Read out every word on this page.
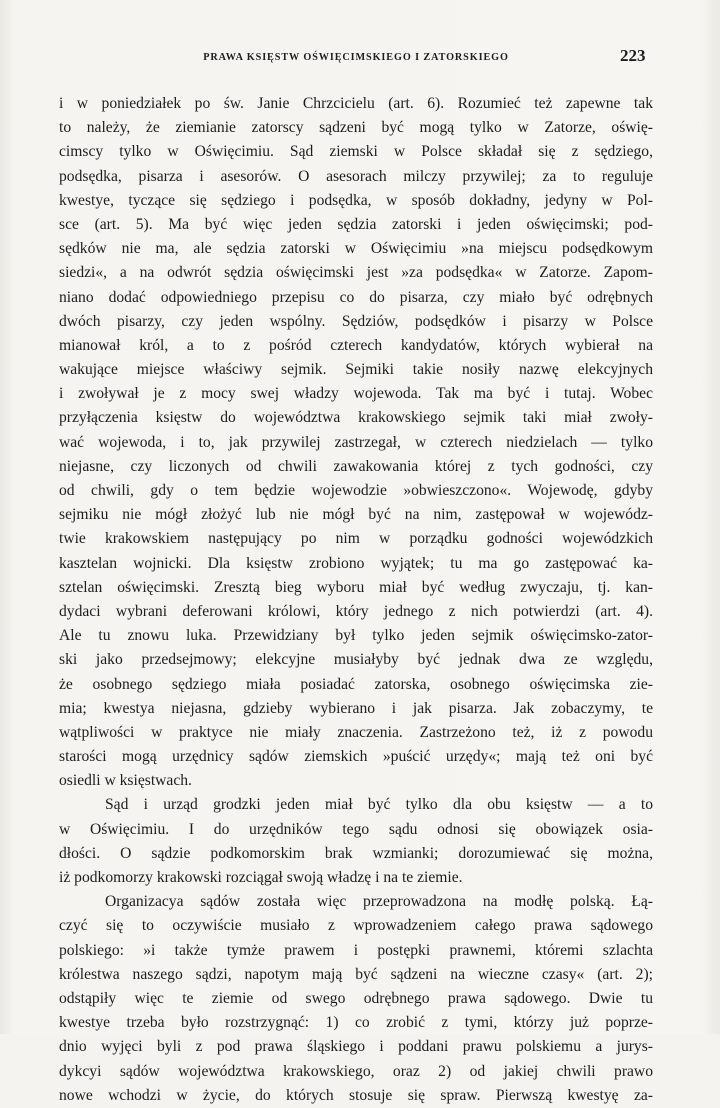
PRAWA KSIĘSTW OŚWIĘCIMSKIEGO I ZATORSKIEGO	223
i w poniedziałek po św. Janie Chrzcicielu (art. 6). Rozumieć też zapewne tak
to należy, że ziemianie zatorscy sądzeni być mogą tylko w Zatorze, oświę-
cimscy tylko w Oświęcimiu. Sąd ziemski w Polsce składał się z sędziego,
podsędka, pisarza i asesorów. O asesorach milczy przywilej; za to reguluje
kwestye, tyczące się sędziego i podsędka, w sposób dokładny, jedyny w Pol-
sce (art. 5). Ma być więc jeden sędzia zatorski i jeden oświęcimski; pod-
sędków nie ma, ale sędzia zatorski w Oświęcimiu »na miejscu podsędkowym
siedzi«, a na odwrót sędzia oświęcimski jest »za podsędka« w Zatorze. Zapom-
niano dodać odpowiedniego przepisu co do pisarza, czy miało być odrębnych
dwóch pisarzy, czy jeden wspólny. Sędziów, podsędków i pisarzy w Polsce
mianował król, a to z pośród czterech kandydatów, których wybierał na
wakujące miejsce właściwy sejmik. Sejmiki takie nosiły nazwę elekcyjnych
i zwoływał je z mocy swej władzy wojewoda. Tak ma być i tutaj. Wobec
przyłączenia księstw do województwa krakowskiego sejmik taki miał zwoły-
wać wojewoda, i to, jak przywilej zastrzegał, w czterech niedzielach — tylko
niejasne, czy liczonych od chwili zawakowania której z tych godności, czy
od chwili, gdy o tem będzie wojewodzie »obwieszczono«. Wojewodę, gdyby
sejmiku nie mógł złożyć lub nie mógł być na nim, zastępował w wojewódz-
twie krakowskiem następujący po nim w porządku godności wojewódzkich
kasztelan wojnicki. Dla księstw zrobiono wyjątek; tu ma go zastępować ka-
sztelan oświęcimski. Zresztą bieg wyboru miał być według zwyczaju, tj. kan-
dydaci wybrani deferowani królowi, który jednego z nich potwierdzi (art. 4).
Ale tu znowu luka. Przewidziany był tylko jeden sejmik oświęcimsko-zator-
ski jako przedsejmowy; elekcyjne musiałyby być jednak dwa ze względu,
że osobnego sędziego miała posiadać zatorska, osobnego oświęcimska zie-
mia; kwestya niejasna, gdzieby wybierano i jak pisarza. Jak zobaczymy, te
wątpliwości w praktyce nie miały znaczenia. Zastrzeżono też, iż z powodu
starości mogą urzędnicy sądów ziemskich »puścić urzędy«; mają też oni być
osiedli w księstwach.
Sąd i urząd grodzki jeden miał być tylko dla obu księstw — a to
w Oświęcimiu. I do urzędników tego sądu odnosi się obowiązek osia-
dłości. O sądzie podkomorskim brak wzmianki; dorozumiewać się można,
iż podkomorzy krakowski rozciągał swoją władzę i na te ziemie.
Organizacya sądów została więc przeprowadzona na modłę polską. Łą-
czyć się to oczywiście musiało z wprowadzeniem całego prawa sądowego
polskiego: »i także tymże prawem i postępki prawnemi, któremi szlachta
królestwa naszego sądzi, napotym mają być sądzeni na wieczne czasy« (art. 2);
odstąpiły więc te ziemie od swego odrębnego prawa sądowego. Dwie tu
kwestye trzeba było rozstrzygnąć: 1) co zrobić z tymi, którzy już poprze-
dnio wyjęci byli z pod prawa śląskiego i poddani prawu polskiemu a jurys-
dykcyi sądów województwa krakowskiego, oraz 2) od jakiej chwili prawo
nowe wchodzi w życie, do których stosuje się spraw. Pierwszą kwestyę za-
